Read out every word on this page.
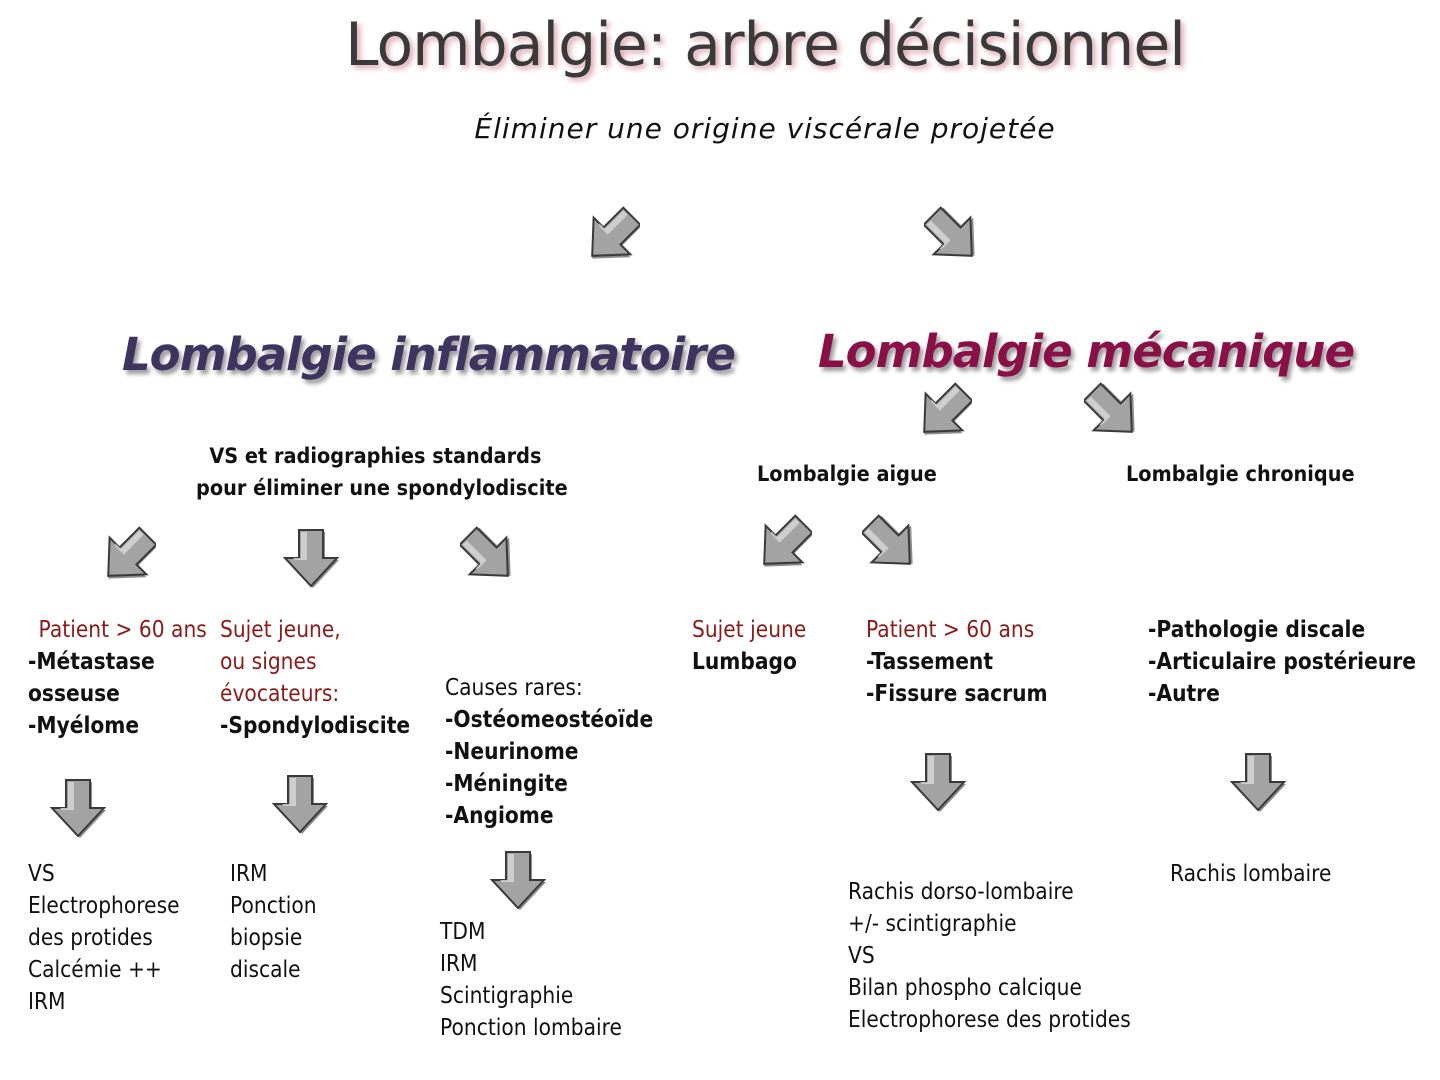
Lombalgie: arbre décisionnel
Éliminer une origine viscérale projetée
Lombalgie inflammatoire Lombalgie mécanique
VS et radiographies standards
pour éliminer une spondylodiscite
Patient > 60 ans
-Métastase
osseuse
-Myélome
VS
Electrophorese
des protides
Calcémie ++
IRM
Sujet jeune,
ou signes
évocateurs:
-Spondylodiscite
IRM
Ponction
biopsie
discale
Causes rares:
-Ostéomeostéoïde
-Neurinome
-Méningite
-Angiome
TDM
IRM
Scintigraphie
Ponction lombaire
Lombalgie aigue	Lombalgie chronique
Sujet jeune
Lumbago
Patient > 60 ans
-Tassement
-Fissure sacrum
Rachis dorso-lombaire
+/- scintigraphie
VS
Bilan phospho calcique
Electrophorese des protides
-Pathologie discale
-Articulaire postérieure
-Autre
Rachis lombaire
